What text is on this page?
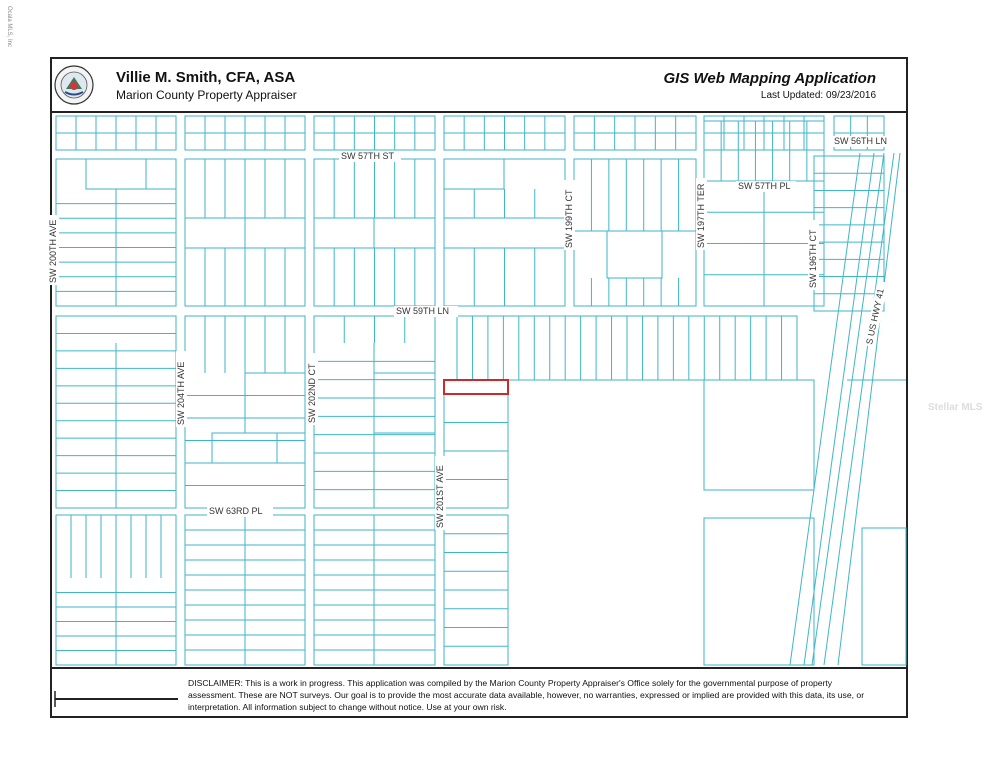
Ocala MLS, Inc
Villie M. Smith, CFA, ASA
Marion County Property Appraiser
GIS Web Mapping Application
Last Updated: 09/23/2016
SW 57TH ST
SW 56TH LN
SW 57TH PL
SW 59TH LN
SW 63RD PL
SW 199TH CT	SW 197TH TER
SW 196TH CT
SW 200TH AVE
SW 204TH AVE	SW 202ND CT
SW 201ST AVE
S US HWY 41

DISCLAIMER: This is a work in progress. This application was compiled by the Marion County Property Appraiser's Office solely for the governmental purpose of property assessment. These are NOT surveys. Our goal is to provide the most accurate data available, however, no warranties, expressed or implied are provided with this data, its use, or interpretation. All information subject to change without notice. Use at your own risk.

Stellar MLS
